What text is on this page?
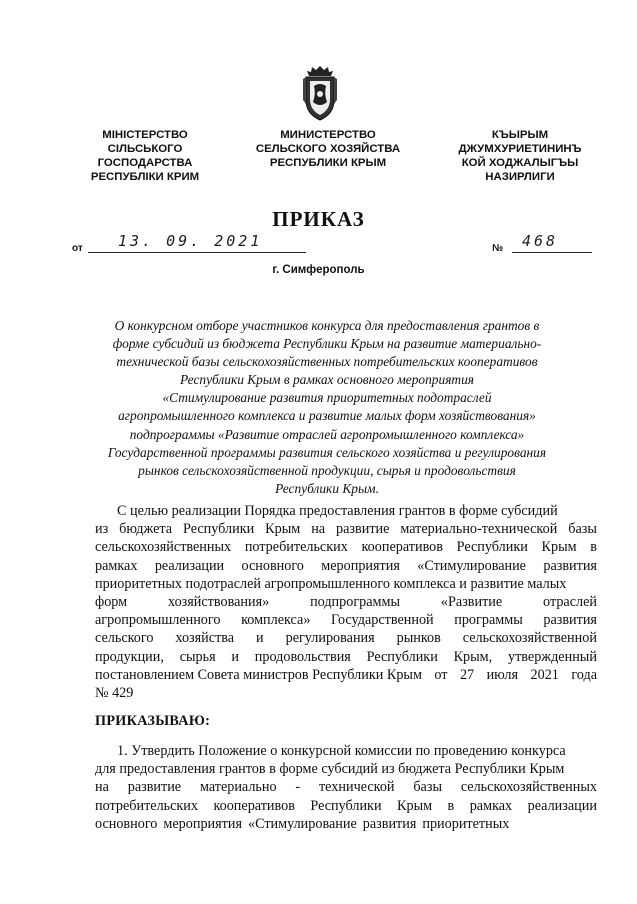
МІНІСТЕРСТВО
СІЛЬСЬКОГО
ГОСПОДАРСТВА
РЕСПУБЛІКИ КРИМ
МИНИСТЕРСТВО
СЕЛЬСКОГО ХОЗЯЙСТВА
РЕСПУБЛИКИ КРЫМ
КЪЫРЫМ
ДЖУМХУРИЕТИНИНЪ
КОЙ ХОДЖАЛЫГЪЫ
НАЗИРЛИГИ
ПРИКАЗ
от 13. 09. 2021	№ 468
г. Симферополь
О конкурсном отборе участников конкурса для предоставления грантов в
форме субсидий из бюджета Республики Крым на развитие материально-
технической базы сельскохозяйственных потребительских кооперативов
Республики Крым в рамках основного мероприятия
«Стимулирование развития приоритетных подотраслей
агропромышленного комплекса и развитие малых форм хозяйствования»
подпрограммы «Развитие отраслей агропромышленного комплекса»
Государственной программы развития сельского хозяйства и регулирования
рынков сельскохозяйственной продукции, сырья и продовольствия
Республики Крым.
С целью реализации Порядка предоставления грантов в форме субсидий
из бюджета Республики Крым на развитие материально-технической базы
сельскохозяйственных потребительских кооперативов Республики Крым в
рамках реализации основного мероприятия «Стимулирование развития
приоритетных подотраслей агропромышленного комплекса и развитие малых
форм	хозяйствования»	подпрограммы	«Развитие	отраслей
агропромышленного комплекса» Государственной программы развития
сельского хозяйства и регулирования рынков сельскохозяйственной
продукции, сырья и продовольствия Республики Крым, утвержденный
постановлением Совета министров Республики Крым от 27 июля 2021 года
№ 429
ПРИКАЗЫВАЮ:
1. Утвердить Положение о конкурсной комиссии по проведению конкурса
для предоставления грантов в форме субсидий из бюджета Республики Крым
на развитие материально - технической базы сельскохозяйственных
потребительских кооперативов Республики Крым в рамках реализации
основного мероприятия «Стимулирование развития приоритетных
